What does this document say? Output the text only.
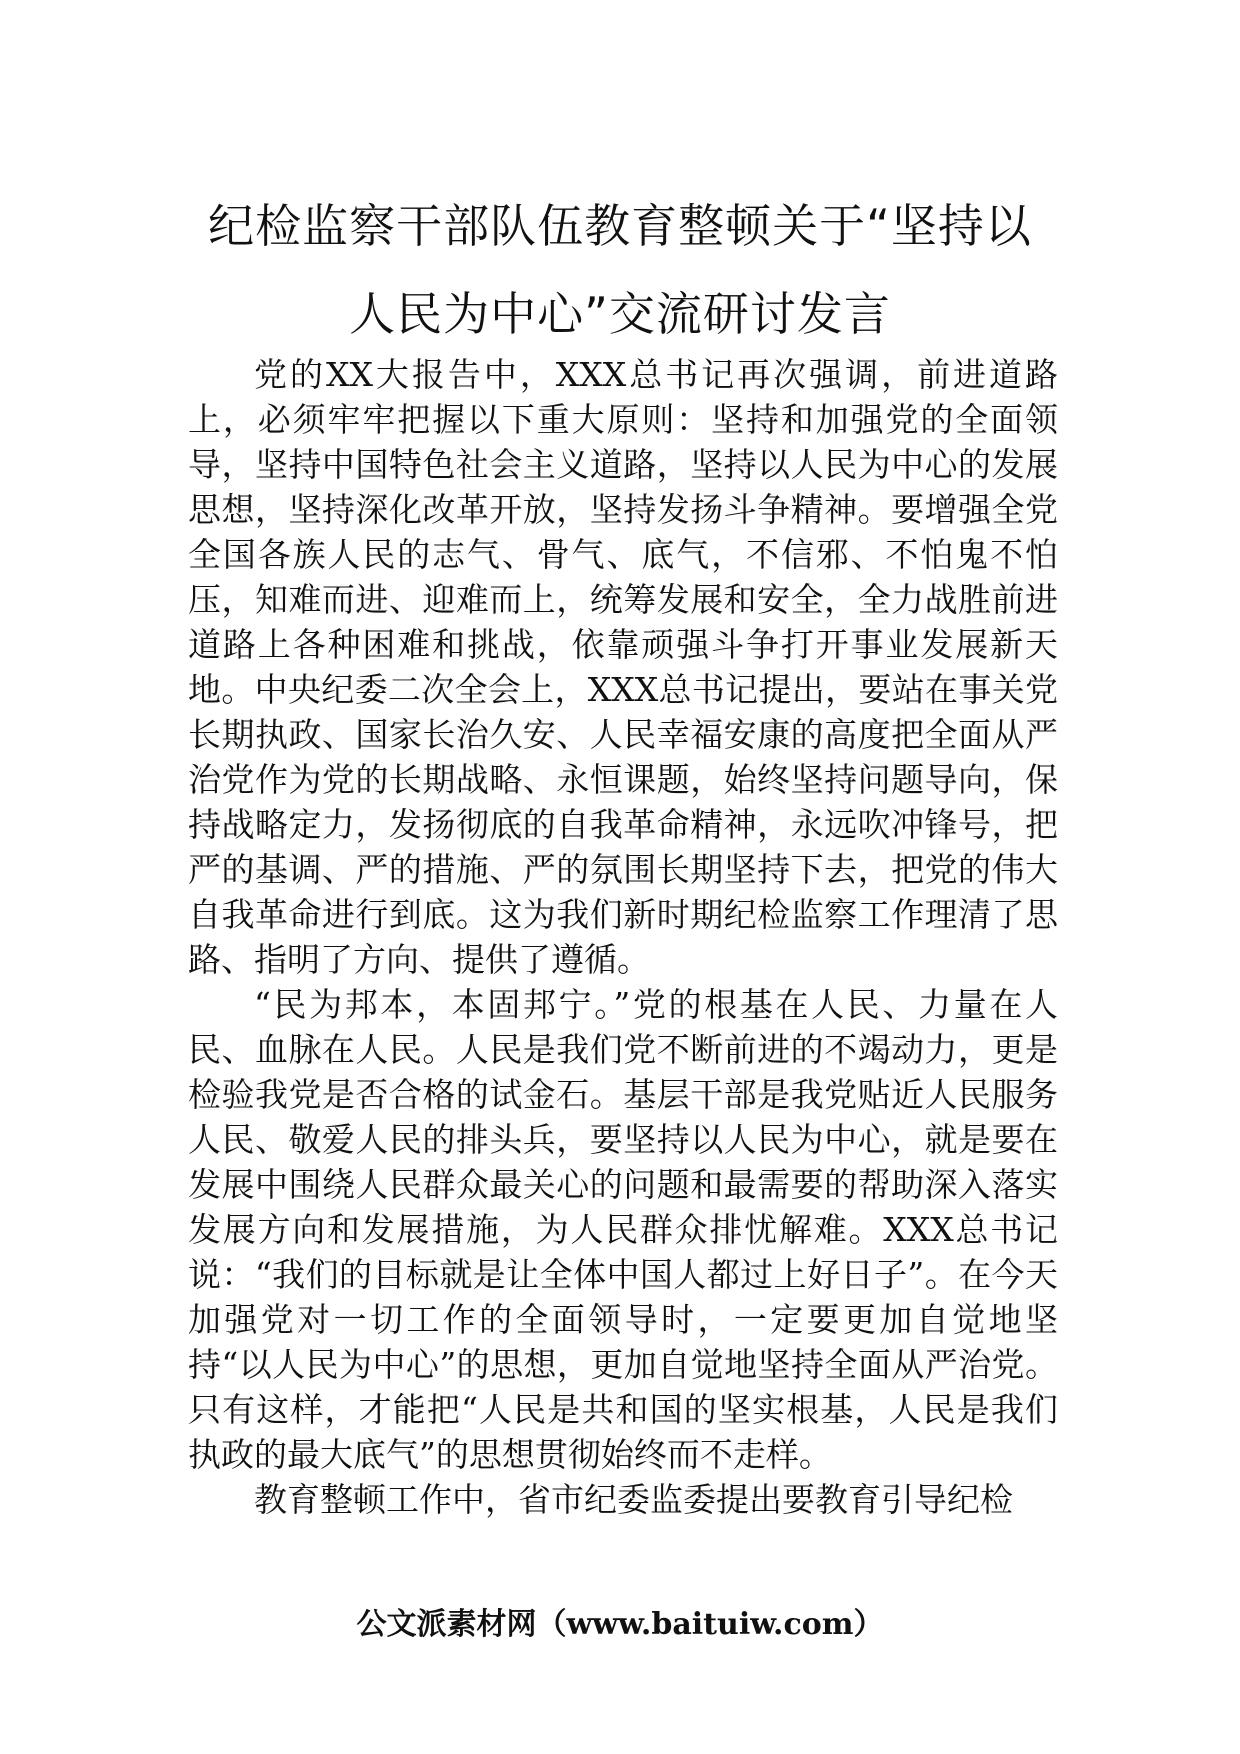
纪检监察干部队伍教育整顿关于“坚持以
人民为中心”交流研讨发言

党的XX大报告中，XXX总书记再次强调，前进道路上，必须牢牢把握以下重大原则：坚持和加强党的全面领导，坚持中国特色社会主义道路，坚持以人民为中心的发展思想，坚持深化改革开放，坚持发扬斗争精神。要增强全党全国各族人民的志气、骨气、底气，不信邪、不怕鬼不怕压，知难而进、迎难而上，统筹发展和安全，全力战胜前进道路上各种困难和挑战，依靠顽强斗争打开事业发展新天地。中央纪委二次全会上，XXX总书记提出，要站在事关党长期执政、国家长治久安、人民幸福安康的高度把全面从严治党作为党的长期战略、永恒课题，始终坚持问题导向，保持战略定力，发扬彻底的自我革命精神，永远吹冲锋号，把严的基调、严的措施、严的氛围长期坚持下去，把党的伟大自我革命进行到底。这为我们新时期纪检监察工作理清了思路、指明了方向、提供了遵循。

“民为邦本，本固邦宁。”党的根基在人民、力量在人民、血脉在人民。人民是我们党不断前进的不竭动力，更是检验我党是否合格的试金石。基层干部是我党贴近人民服务人民、敬爱人民的排头兵，要坚持以人民为中心，就是要在发展中围绕人民群众最关心的问题和最需要的帮助深入落实发展方向和发展措施，为人民群众排忧解难。XXX总书记说：“我们的目标就是让全体中国人都过上好日子”。在今天加强党对一切工作的全面领导时，一定要更加自觉地坚持“以人民为中心”的思想，更加自觉地坚持全面从严治党。只有这样，才能把“人民是共和国的坚实根基，人民是我们执政的最大底气”的思想贯彻始终而不走样。

教育整顿工作中，省市纪委监委提出要教育引导纪检

公文派素材网（www.baituiw.com）
